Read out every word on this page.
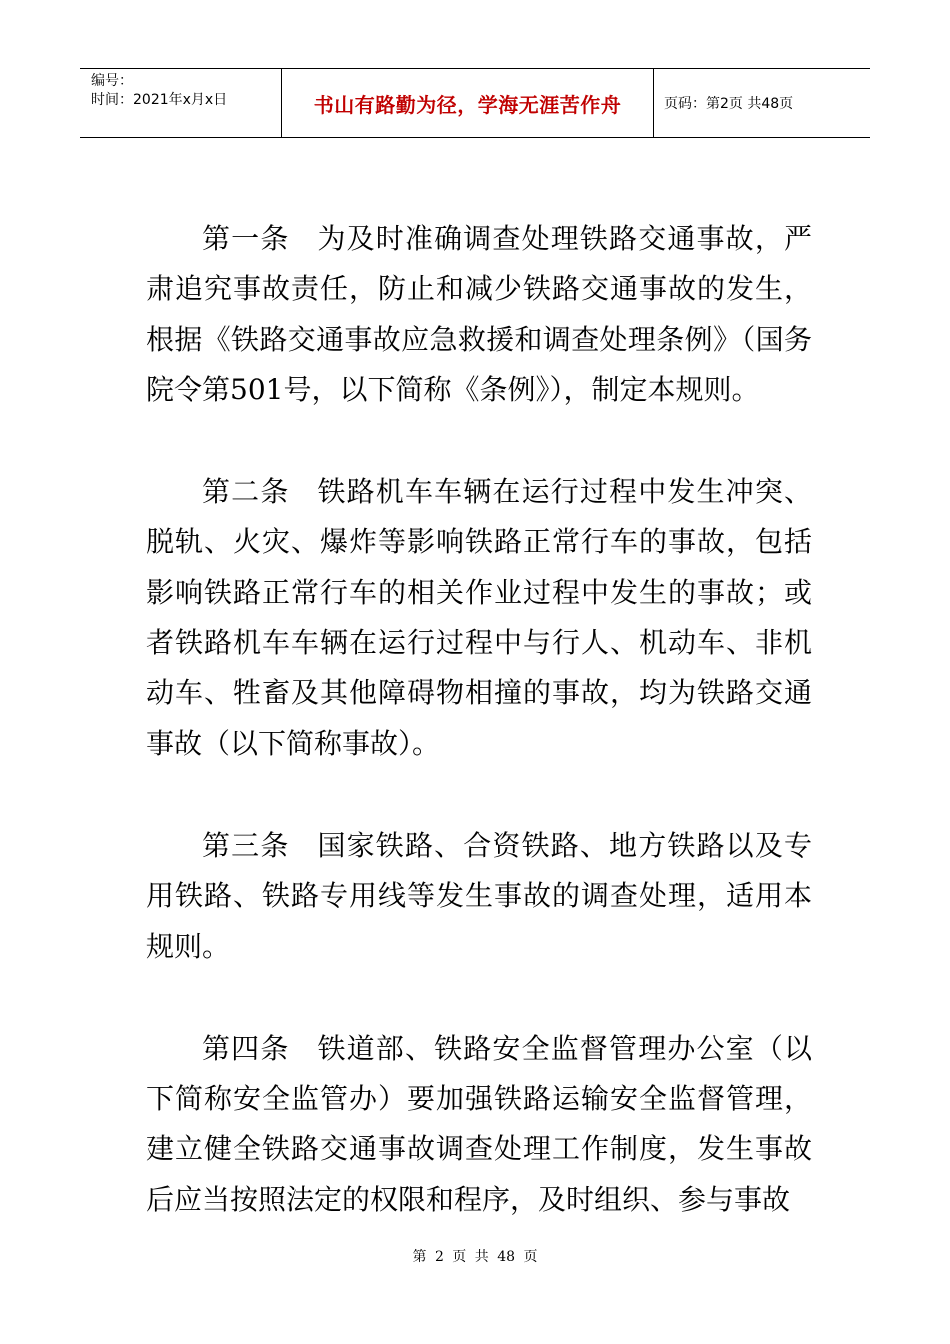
编号：
时间：2021年x月x日	书山有路勤为径，学海无涯苦作舟	页码：第2页 共48页

第一条 为及时准确调查处理铁路交通事故，严肃追究事故责任，防止和减少铁路交通事故的发生，根据《铁路交通事故应急救援和调查处理条例》（国务院令第501号，以下简称《条例》），制定本规则。

第二条 铁路机车车辆在运行过程中发生冲突、脱轨、火灾、爆炸等影响铁路正常行车的事故，包括影响铁路正常行车的相关作业过程中发生的事故；或者铁路机车车辆在运行过程中与行人、机动车、非机动车、牲畜及其他障碍物相撞的事故，均为铁路交通事故（以下简称事故）。

第三条 国家铁路、合资铁路、地方铁路以及专用铁路、铁路专用线等发生事故的调查处理，适用本规则。

第四条 铁道部、铁路安全监督管理办公室（以下简称安全监管办）要加强铁路运输安全监督管理，建立健全铁路交通事故调查处理工作制度，发生事故后应当按照法定的权限和程序，及时组织、参与事故

第 2 页 共 48 页
